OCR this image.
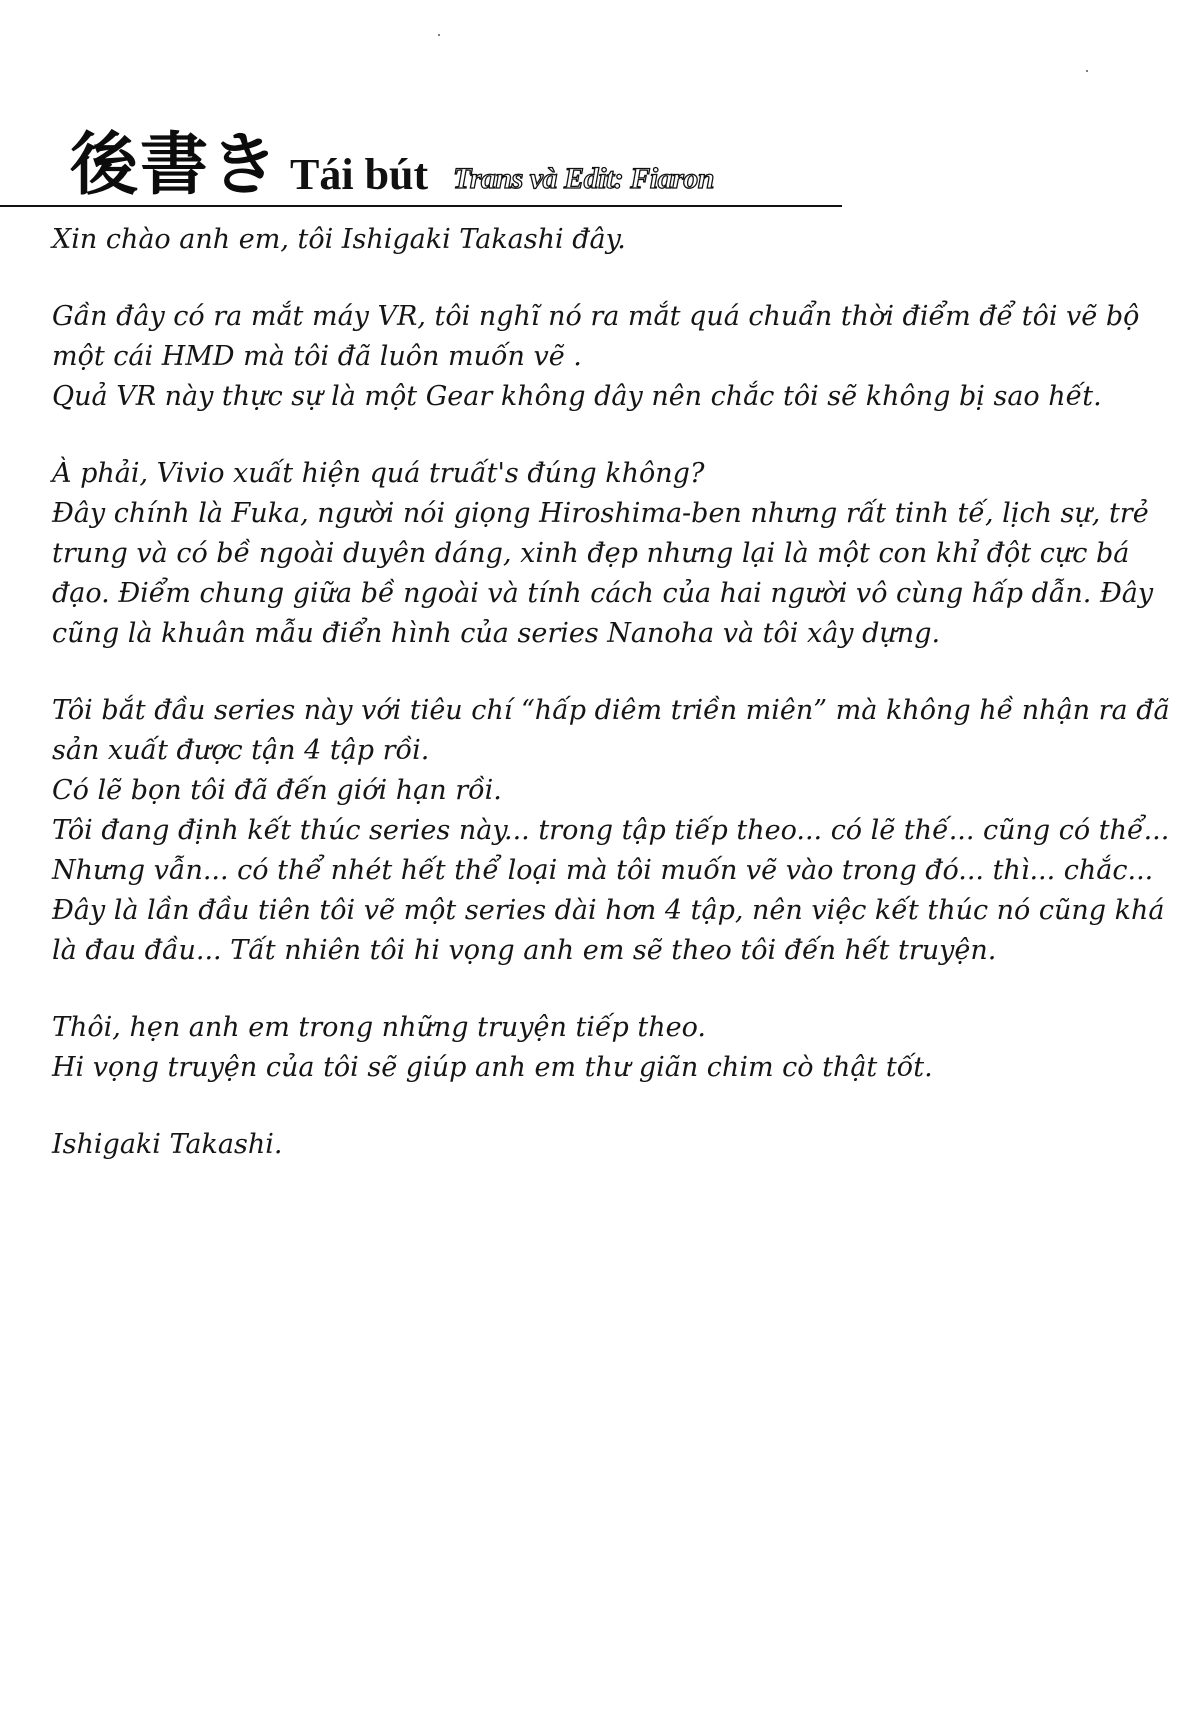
後書き Tái bút Trans và Edit: Fiaron
Xin chào anh em, tôi Ishigaki Takashi đây.
Gần đây có ra mắt máy VR, tôi nghĩ nó ra mắt quá chuẩn thời điểm để tôi vẽ bộ
một cái HMD mà tôi đã luôn muốn vẽ .
Quả VR này thực sự là một Gear không dây nên chắc tôi sẽ không bị sao hết.
À phải, Vivio xuất hiện quá truất's đúng không?
Đây chính là Fuka, người nói giọng Hiroshima-ben nhưng rất tinh tế, lịch sự, trẻ
trung và có bề ngoài duyên dáng, xinh đẹp nhưng lại là một con khỉ đột cực bá
đạo. Điểm chung giữa bề ngoài và tính cách của hai người vô cùng hấp dẫn. Đây
cũng là khuân mẫu điển hình của series Nanoha và tôi xây dựng.
Tôi bắt đầu series này với tiêu chí “hấp diêm triền miên” mà không hề nhận ra đã
sản xuất được tận 4 tập rồi.
Có lẽ bọn tôi đã đến giới hạn rồi.
Tôi đang định kết thúc series này... trong tập tiếp theo... có lẽ thế... cũng có thể...
Nhưng vẫn... có thể nhét hết thể loại mà tôi muốn vẽ vào trong đó... thì... chắc...
Đây là lần đầu tiên tôi vẽ một series dài hơn 4 tập, nên việc kết thúc nó cũng khá
là đau đầu... Tất nhiên tôi hi vọng anh em sẽ theo tôi đến hết truyện.
Thôi, hẹn anh em trong những truyện tiếp theo.
Hi vọng truyện của tôi sẽ giúp anh em thư giãn chim cò thật tốt.
Ishigaki Takashi.
